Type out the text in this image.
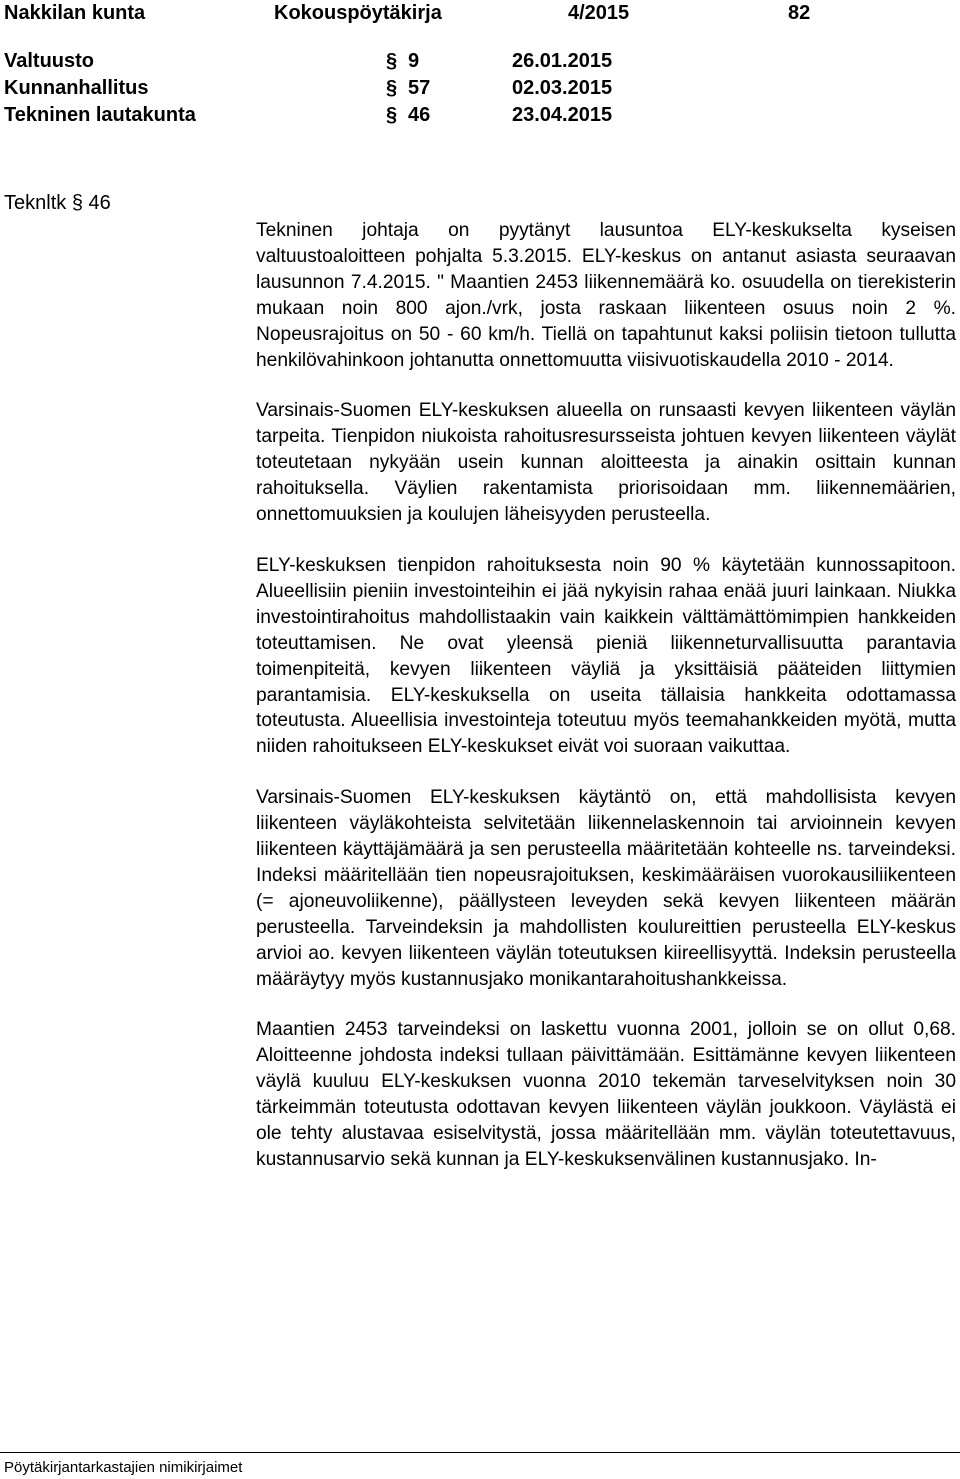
Nakkilan kunta	Kokouspöytäkirja	4/2015	82
Valtuusto	§ 9	26.01.2015
Kunnanhallitus	§ 57	02.03.2015
Tekninen lautakunta	§ 46	23.04.2015
Teknltk § 46

Tekninen johtaja on pyytänyt lausuntoa ELY-keskukselta kyseisen valtuustoaloitteen pohjalta 5.3.2015. ELY-keskus on antanut asiasta seuraavan lausunnon 7.4.2015. " Maantien 2453 liikennemäärä ko. osuudella on tierekisterin mukaan noin 800 ajon./vrk, josta raskaan liikenteen osuus noin 2 %. Nopeusrajoitus on 50 - 60 km/h. Tiellä on tapahtunut kaksi poliisin tietoon tullutta henkilövahinkoon johtanutta onnettomuutta viisivuotiskaudella 2010 - 2014.

Varsinais-Suomen ELY-keskuksen alueella on runsaasti kevyen liikenteen väylän tarpeita. Tienpidon niukoista rahoitusresursseista johtuen kevyen liikenteen väylät toteutetaan nykyään usein kunnan aloitteesta ja ainakin osittain kunnan rahoituksella. Väylien rakentamista priorisoidaan mm. liikennemäärien, onnettomuuksien ja koulujen läheisyyden perusteella.

ELY-keskuksen tienpidon rahoituksesta noin 90 % käytetään kunnossapitoon. Alueellisiin pieniin investointeihin ei jää nykyisin rahaa enää juuri lainkaan. Niukka investointirahoitus mahdollistaakin vain kaikkein välttämättömimpien hankkeiden toteuttamisen. Ne ovat yleensä pieniä liikenneturvallisuutta parantavia toimenpiteitä, kevyen liikenteen väyliä ja yksittäisiä pääteiden liittymien parantamisia. ELY-keskuksella on useita tällaisia hankkeita odottamassa toteutusta. Alueellisia investointeja toteutuu myös teemahankkeiden myötä, mutta niiden rahoitukseen ELY-keskukset eivät voi suoraan vaikuttaa.

Varsinais-Suomen ELY-keskuksen käytäntö on, että mahdollisista kevyen liikenteen väyläkohteista selvitetään liikennelaskennoin tai arvioinnein kevyen liikenteen käyttäjämäärä ja sen perusteella määritetään kohteelle ns. tarveindeksi. Indeksi määritellään tien nopeusrajoituksen, keskimääräisen vuorokausiliikenteen (= ajoneuvoliikenne), päällysteen leveyden sekä kevyen liikenteen määrän perusteella. Tarveindeksin ja mahdollisten koulureittien perusteella ELY-keskus arvioi ao. kevyen liikenteen väylän toteutuksen kiireellisyyttä. Indeksin perusteella määräytyy myös kustannusjako monikantarahoitushankkeissa.

Maantien 2453 tarveindeksi on laskettu vuonna 2001, jolloin se on ollut 0,68. Aloitteenne johdosta indeksi tullaan päivittämään. Esittämänne kevyen liikenteen väylä kuuluu ELY-keskuksen vuonna 2010 tekemän tarveselvityksen noin 30 tärkeimmän toteutusta odottavan kevyen liikenteen väylän joukkoon. Väylästä ei ole tehty alustavaa esiselvitystä, jossa määritellään mm. väylän toteutettavuus, kustannusarvio sekä kunnan ja ELY-keskuksenvälinen kustannusjako. In-

Pöytäkirjantarkastajien nimikirjaimet
